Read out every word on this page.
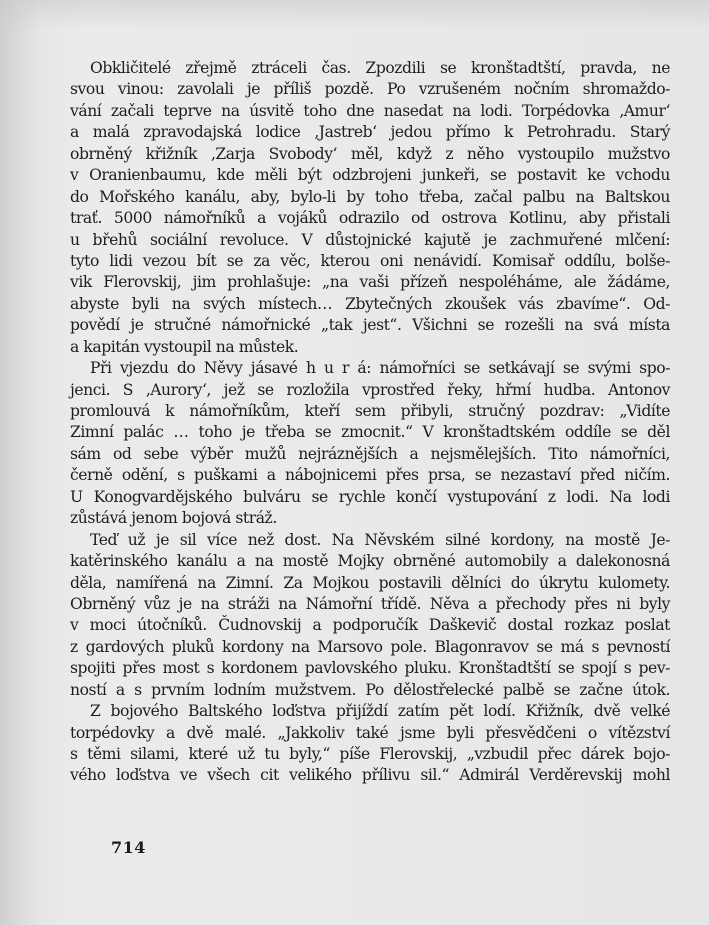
Obkličitelé zřejmě ztráceli čas. Zpozdili se kronštadtští, pravda, ne
svou vinou: zavolali je příliš pozdě. Po vzrušeném nočním shromaždo-
vání začali teprve na úsvitě toho dne nasedat na lodi. Torpédovka ‚Amur‘
a malá zpravodajská lodice ‚Jastreb‘ jedou přímo k Petrohradu. Starý
obrněný křižník ‚Zarja Svobody‘ měl, když z něho vystoupilo mužstvo
v Oranienbaumu, kde měli být odzbrojeni junkeři, se postavit ke vchodu
do Mořského kanálu, aby, bylo-li by toho třeba, začal palbu na Baltskou
trať. 5000 námořníků a vojáků odrazilo od ostrova Kotlinu, aby přistali
u břehů sociální revoluce. V důstojnické kajutě je zachmuřené mlčení:
tyto lidi vezou bít se za věc, kterou oni nenávidí. Komisař oddílu, bolše-
vik Flerovskij, jim prohlašuje: „na vaši přízeň nespoléháme, ale žádáme,
abyste byli na svých místech… Zbytečných zkoušek vás zbavíme“. Od-
povědí je stručné námořnické „tak jest“. Všichni se rozešli na svá místa
a kapitán vystoupil na můstek.
Při vjezdu do Něvy jásavé h u r á: námořníci se setkávají se svými spo-
jenci. S ‚Aurory‘, jež se rozložila vprostřed řeky, hřmí hudba. Antonov
promlouvá k námořníkům, kteří sem přibyli, stručný pozdrav: „Vidíte
Zimní palác … toho je třeba se zmocnit.“ V kronštadtském oddíle se děl
sám od sebe výběr mužů nejráznějších a nejsmělejších. Tito námořníci,
černě odění, s puškami a nábojnicemi přes prsa, se nezastaví před ničím.
U Konogvardějského bulváru se rychle končí vystupování z lodi. Na lodi
zůstává jenom bojová stráž.
Teď už je sil více než dost. Na Něvském silné kordony, na mostě Je-
katěrinského kanálu a na mostě Mojky obrněné automobily a dalekonosná
děla, namířená na Zimní. Za Mojkou postavili dělníci do úkrytu kulomety.
Obrněný vůz je na stráži na Námořní třídě. Něva a přechody přes ni byly
v moci útočníků. Čudnovskij a podporučík Daškevič dostal rozkaz poslat
z gardových pluků kordony na Marsovo pole. Blagonravov se má s pevností
spojiti přes most s kordonem pavlovského pluku. Kronštadtští se spojí s pev-
ností a s prvním lodním mužstvem. Po dělostřelecké palbě se začne útok.
Z bojového Baltského loďstva přijíždí zatím pět lodí. Křižník, dvě velké
torpédovky a dvě malé. „Jakkoliv také jsme byli přesvědčeni o vítězství
s těmi silami, které už tu byly,“ píše Flerovskij, „vzbudil přec dárek bojo-
vého loďstva ve všech cit velikého přílivu sil.“ Admirál Verděrevskij mohl
714
